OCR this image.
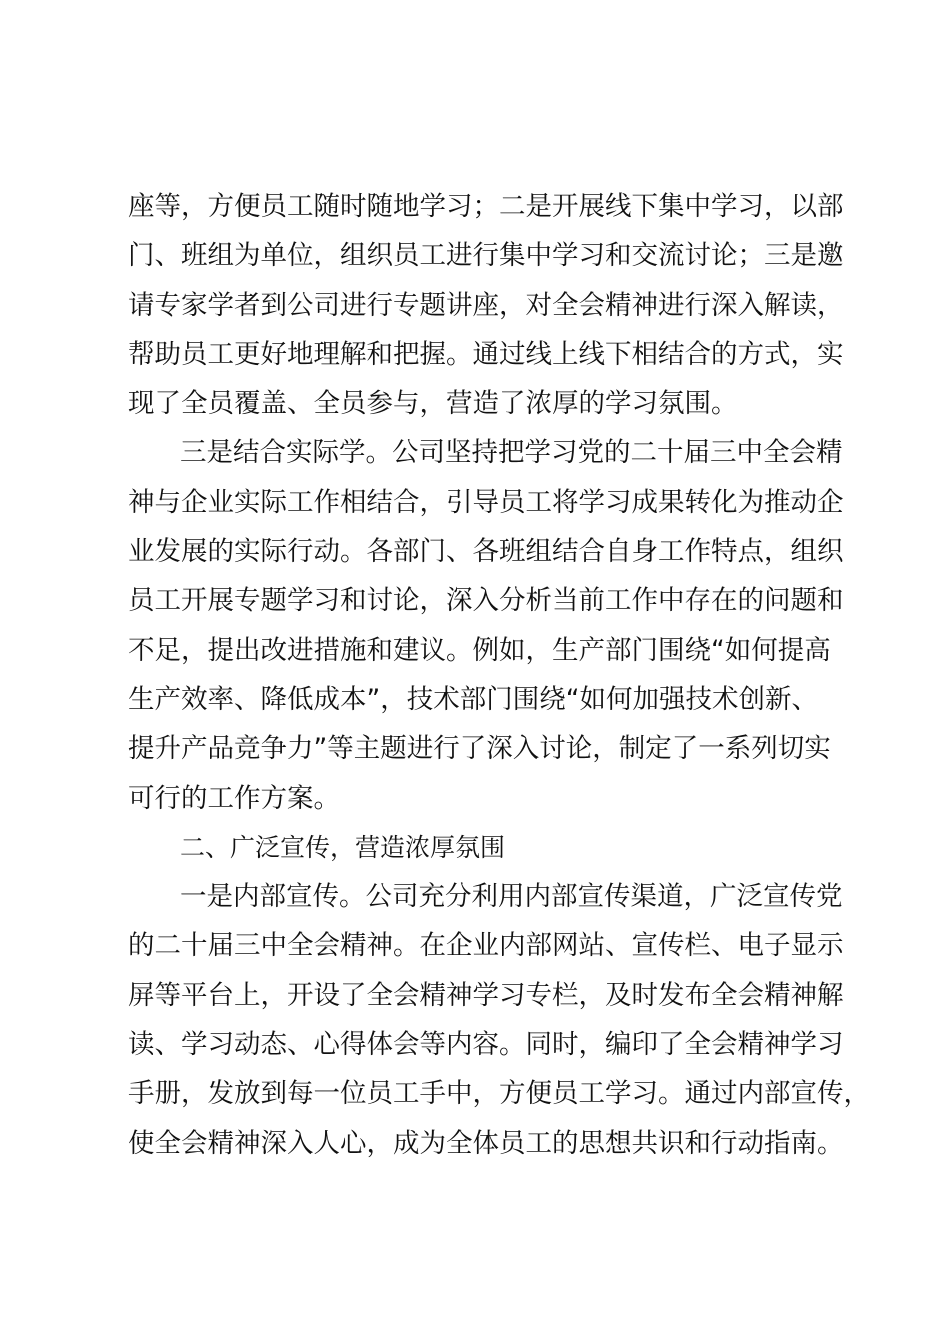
座等，方便员工随时随地学习；二是开展线下集中学习，以部
门、班组为单位，组织员工进行集中学习和交流讨论；三是邀
请专家学者到公司进行专题讲座，对全会精神进行深入解读，
帮助员工更好地理解和把握。通过线上线下相结合的方式，实
现了全员覆盖、全员参与，营造了浓厚的学习氛围。
三是结合实际学。公司坚持把学习党的二十届三中全会精
神与企业实际工作相结合，引导员工将学习成果转化为推动企
业发展的实际行动。各部门、各班组结合自身工作特点，组织
员工开展专题学习和讨论，深入分析当前工作中存在的问题和
不足，提出改进措施和建议。例如，生产部门围绕“如何提高
生产效率、降低成本”，技术部门围绕“如何加强技术创新、
提升产品竞争力”等主题进行了深入讨论，制定了一系列切实
可行的工作方案。
二、广泛宣传，营造浓厚氛围
一是内部宣传。公司充分利用内部宣传渠道，广泛宣传党
的二十届三中全会精神。在企业内部网站、宣传栏、电子显示
屏等平台上，开设了全会精神学习专栏，及时发布全会精神解
读、学习动态、心得体会等内容。同时，编印了全会精神学习
手册，发放到每一位员工手中，方便员工学习。通过内部宣传，
使全会精神深入人心，成为全体员工的思想共识和行动指南。
